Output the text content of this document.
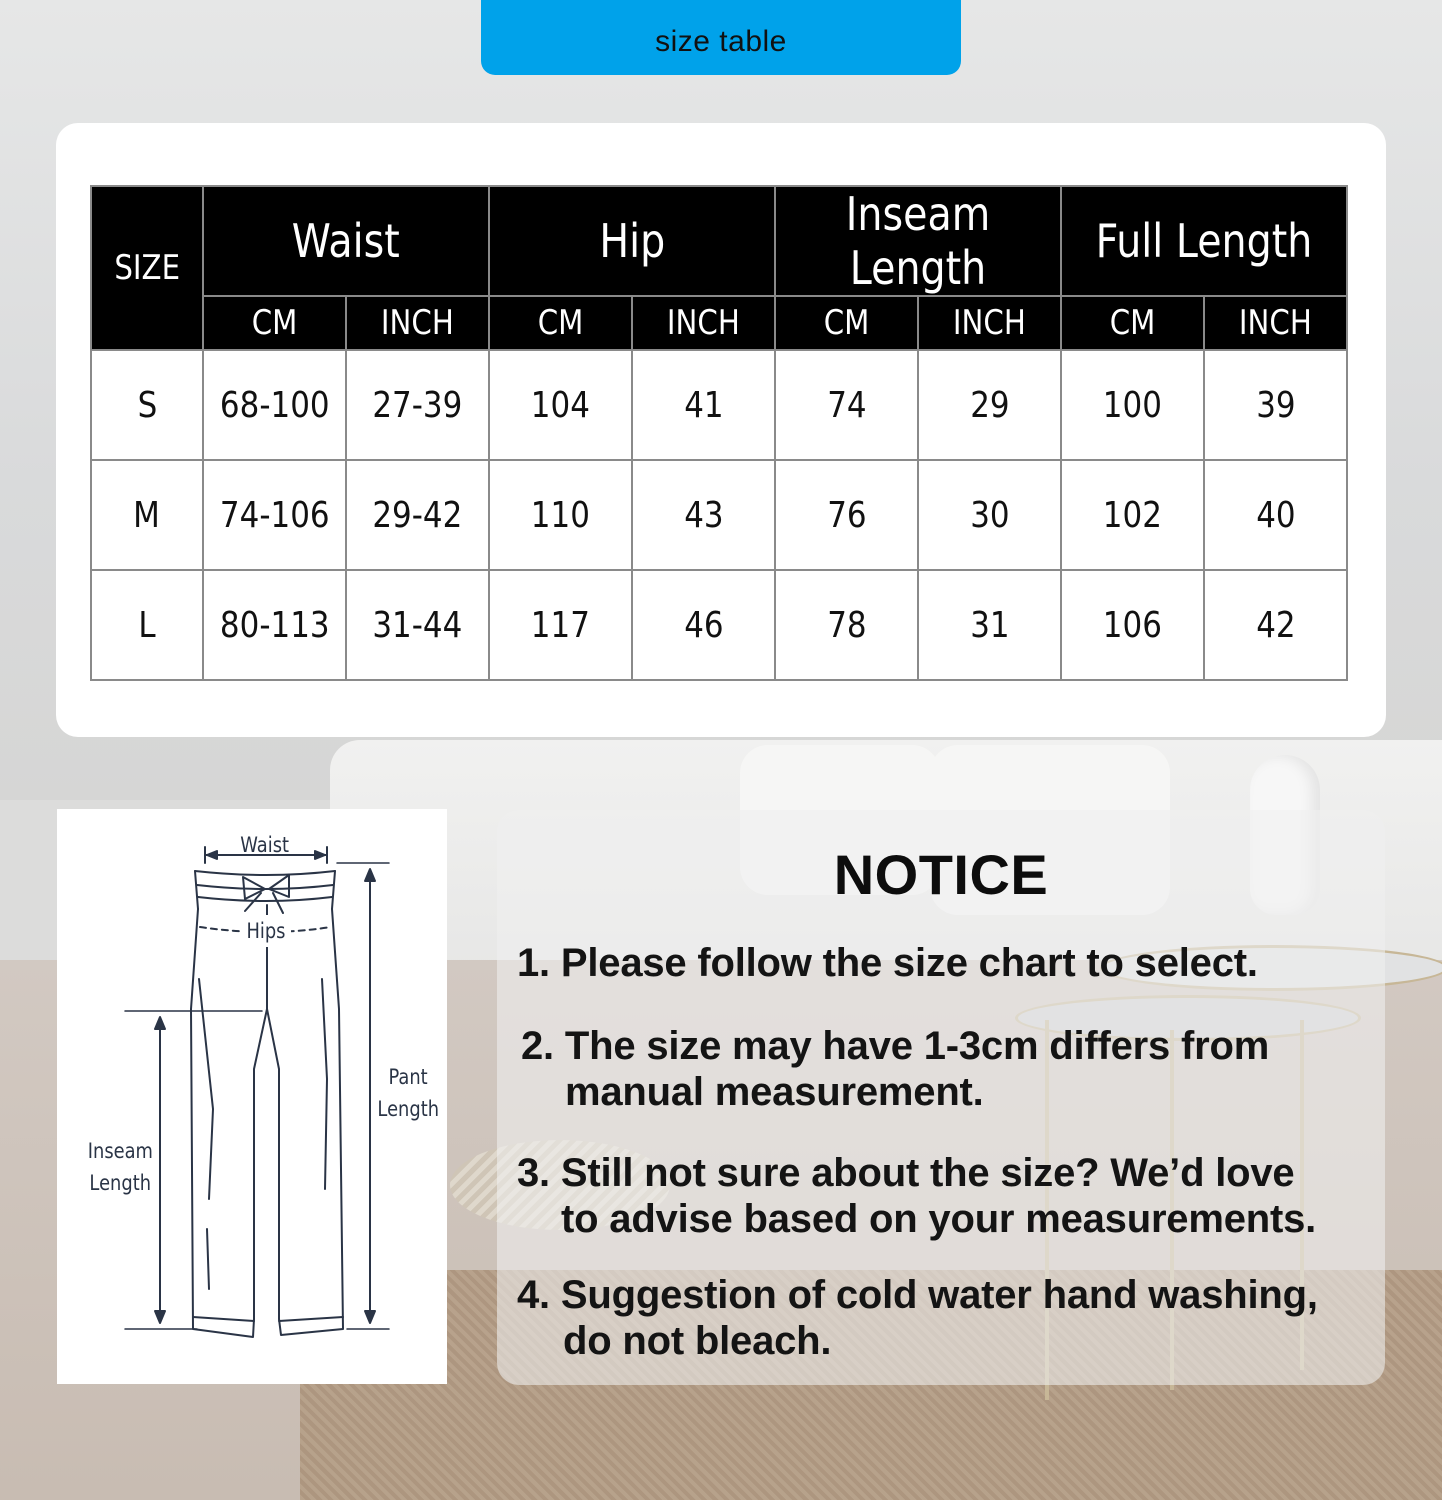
size table
SIZE	Waist		Hip		Inseam Length		Full Length	
	CM	INCH	CM	INCH	CM	INCH	CM	INCH
S	68-100	27-39	104	41	74	29	100	39
M	74-106	29-42	110	43	76	30	102	40
L	80-113	31-44	117	46	78	31	106	42
Waist
Hips
Pant
Length
Inseam
Length
NOTICE
1. Please follow the size chart to select.
2. The size may have 1-3cm differs from
manual measurement.
3. Still not sure about the size? We’d love
to advise based on your measurements.
4. Suggestion of cold water hand washing,
do not bleach.
